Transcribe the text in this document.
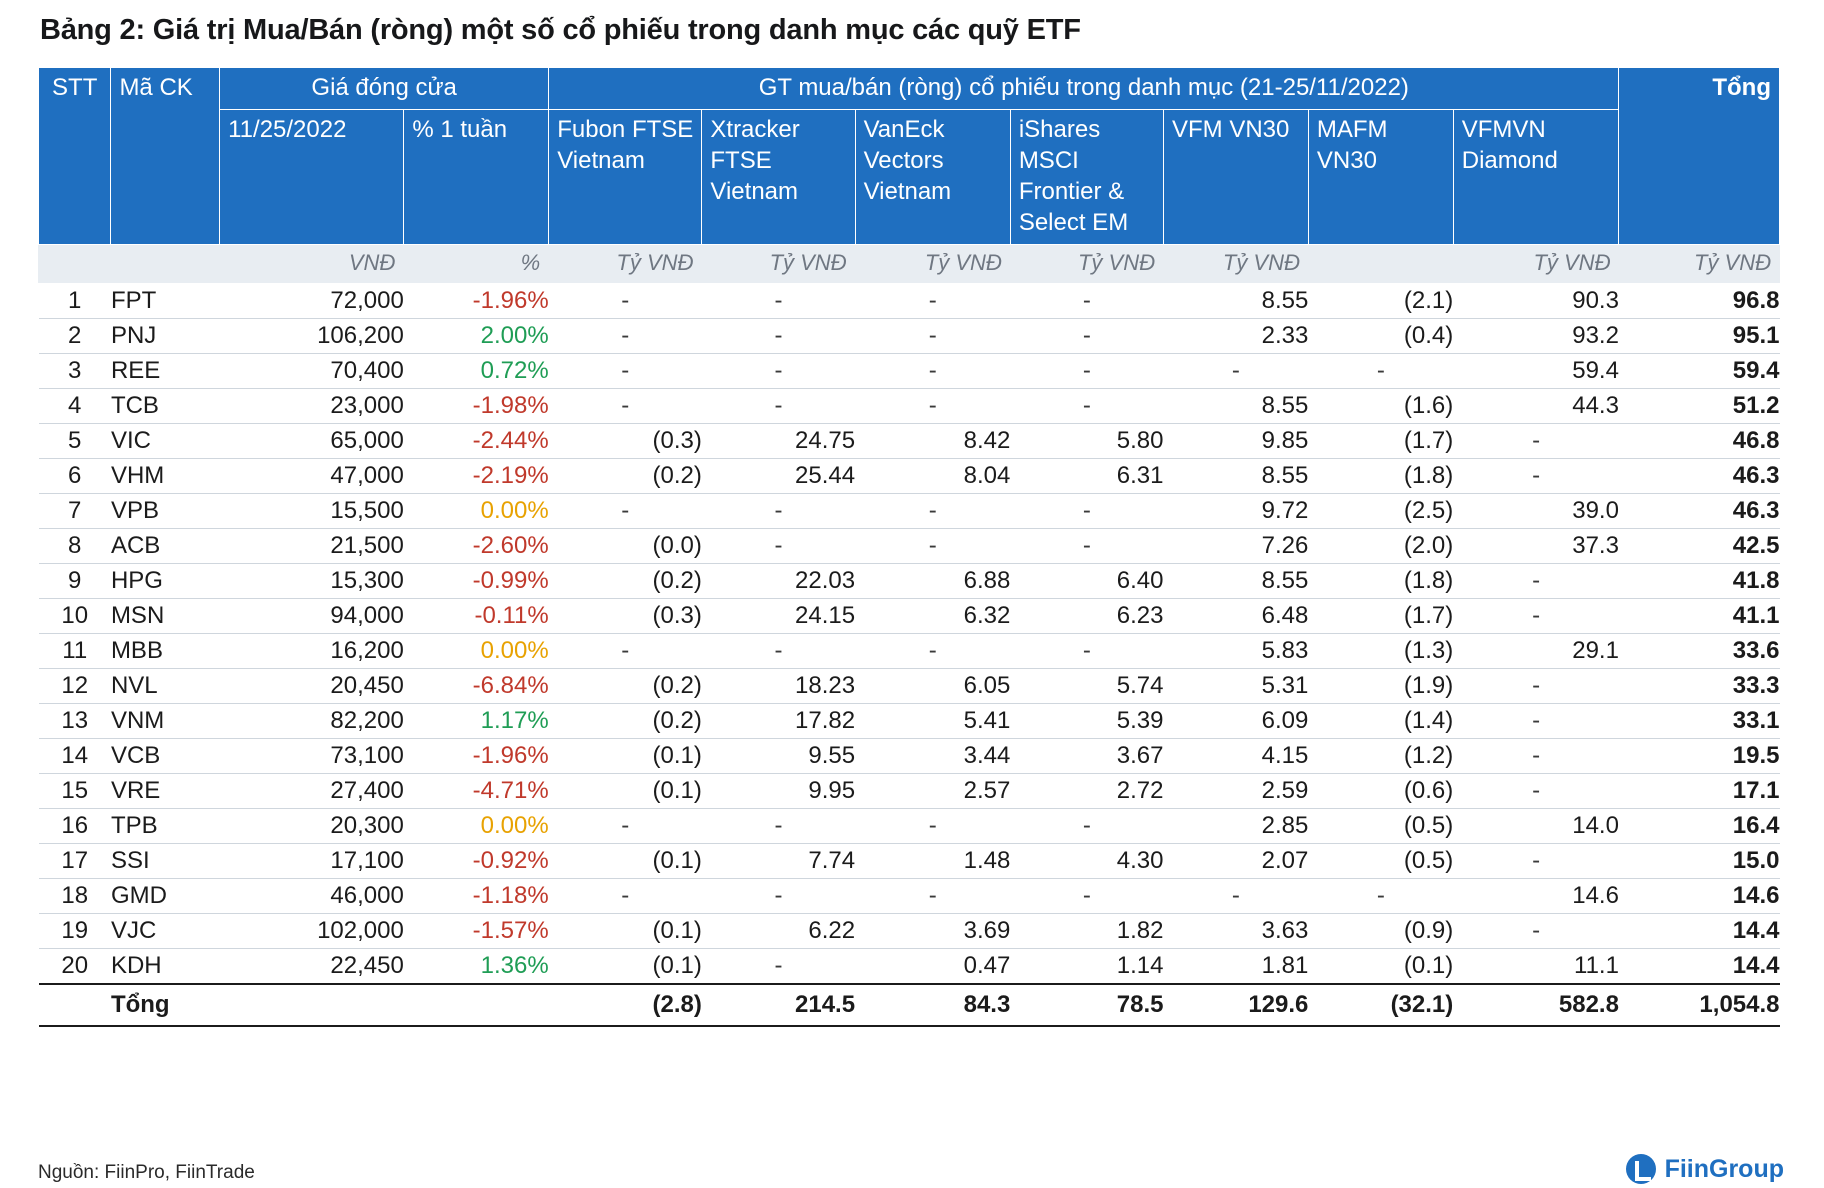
Bảng 2: Giá trị Mua/Bán (ròng) một số cổ phiếu trong danh mục các quỹ ETF
STT	Mã CK	Giá đóng cửa		GT mua/bán (ròng) cổ phiếu trong danh mục (21-25/11/2022)							Tổng
		11/25/2022	% 1 tuần	Fubon FTSE Vietnam	Xtracker FTSE Vietnam	VanEck Vectors Vietnam	iShares MSCI Frontier & Select EM	VFM VN30	MAFM VN30	VFMVN Diamond	
		VNĐ	%	Tỷ VNĐ	Tỷ VNĐ	Tỷ VNĐ	Tỷ VNĐ	Tỷ VNĐ		Tỷ VNĐ	Tỷ VNĐ
1	FPT	72,000	-1.96%	-	-	-	-	8.55	(2.1)	90.3	96.8
2	PNJ	106,200	2.00%	-	-	-	-	2.33	(0.4)	93.2	95.1
3	REE	70,400	0.72%	-	-	-	-	-	-	59.4	59.4
4	TCB	23,000	-1.98%	-	-	-	-	8.55	(1.6)	44.3	51.2
5	VIC	65,000	-2.44%	(0.3)	24.75	8.42	5.80	9.85	(1.7)	-	46.8
6	VHM	47,000	-2.19%	(0.2)	25.44	8.04	6.31	8.55	(1.8)	-	46.3
7	VPB	15,500	0.00%	-	-	-	-	9.72	(2.5)	39.0	46.3
8	ACB	21,500	-2.60%	(0.0)	-	-	-	7.26	(2.0)	37.3	42.5
9	HPG	15,300	-0.99%	(0.2)	22.03	6.88	6.40	8.55	(1.8)	-	41.8
10	MSN	94,000	-0.11%	(0.3)	24.15	6.32	6.23	6.48	(1.7)	-	41.1
11	MBB	16,200	0.00%	-	-	-	-	5.83	(1.3)	29.1	33.6
12	NVL	20,450	-6.84%	(0.2)	18.23	6.05	5.74	5.31	(1.9)	-	33.3
13	VNM	82,200	1.17%	(0.2)	17.82	5.41	5.39	6.09	(1.4)	-	33.1
14	VCB	73,100	-1.96%	(0.1)	9.55	3.44	3.67	4.15	(1.2)	-	19.5
15	VRE	27,400	-4.71%	(0.1)	9.95	2.57	2.72	2.59	(0.6)	-	17.1
16	TPB	20,300	0.00%	-	-	-	-	2.85	(0.5)	14.0	16.4
17	SSI	17,100	-0.92%	(0.1)	7.74	1.48	4.30	2.07	(0.5)	-	15.0
18	GMD	46,000	-1.18%	-	-	-	-	-	-	14.6	14.6
19	VJC	102,000	-1.57%	(0.1)	6.22	3.69	1.82	3.63	(0.9)	-	14.4
20	KDH	22,450	1.36%	(0.1)	-	0.47	1.14	1.81	(0.1)	11.1	14.4
	Tổng			(2.8)	214.5	84.3	78.5	129.6	(32.1)	582.8	1,054.8
Nguồn: FiinPro, FiinTrade	FiinGroup
